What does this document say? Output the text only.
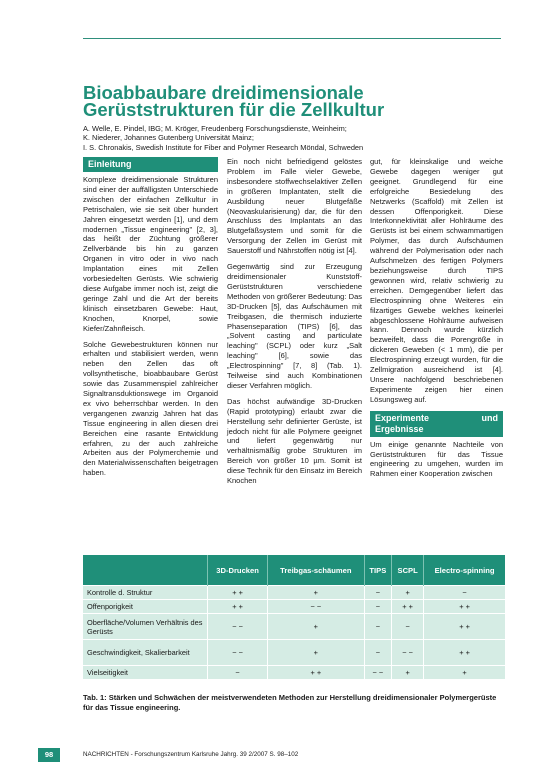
Bioabbaubare dreidimensionale Gerüststrukturen für die Zellkultur
A. Welle, E. Pindel, IBG; M. Kröger, Freudenberg Forschungsdienste, Weinheim;
K. Niederer, Johannes Gutenberg Universität Mainz;
I. S. Chronakis, Swedish Institute for Fiber and Polymer Research Möndal, Schweden
Einleitung

Komplexe dreidimensionale Strukturen sind einer der auffälligsten Unterschiede zwischen der einfachen Zellkultur in Petrischalen, wie sie seit über hundert Jahren eingesetzt werden [1], und dem modernen „Tissue engineering" [2, 3], das heißt der Züchtung größerer Zellverbände bis hin zu ganzen Organen in vitro oder in vivo nach Implantation eines mit Zellen vorbesiedelten Gerüsts. Wie schwierig diese Aufgabe immer noch ist, zeigt die geringe Zahl und die Art der bereits klinisch einsetzbaren Gewebe: Haut, Knochen, Knorpel, sowie Kiefer/Zahnfleisch.

Solche Gewebestrukturen können nur erhalten und stabilisiert werden, wenn neben den Zellen das oft vollsynthetische, bioabbaubare Gerüst sowie das Zusammenspiel zahlreicher Signaltransduktionswege im Organoid ex vivo beherrschbar werden. In den vergangenen zwanzig Jahren hat das Tissue engineering in allen diesen drei Bereichen eine rasante Entwicklung erfahren, zu der auch zahlreiche Arbeiten aus der Polymerchemie und den Materialwissenschaften beigetragen haben.

Ein noch nicht befriedigend gelöstes Problem im Falle vieler Gewebe, insbesondere stoffwechselaktiver Zellen in größeren Implantaten, stellt die Ausbildung neuer Blutgefäße (Neovaskularisierung) dar, die für den Anschluss des Implantats an das Blutgefäßsystem und somit für die Versorgung der Zellen im Gerüst mit Sauerstoff und Nährstoffen nötig ist [4].

Gegenwärtig sind zur Erzeugung dreidimensionaler Kunststoff-Gerüststrukturen verschiedene Methoden von größerer Bedeutung: Das 3D-Drucken [5], das Aufschäumen mit Treibgasen, die thermisch induzierte Phasenseparation (TIPS) [6], das „Solvent casting and particulate leaching" (SCPL) oder kurz „Salt leaching" [6], sowie das „Electrospinning" [7, 8] (Tab. 1). Teilweise sind auch Kombinationen dieser Verfahren möglich.

Das höchst aufwändige 3D-Drucken (Rapid prototyping) erlaubt zwar die Herstellung sehr definierter Gerüste, ist jedoch nicht für alle Polymere geeignet und liefert gegenwärtig nur verhältnismäßig grobe Strukturen im Bereich von größer 10 µm. Somit ist diese Technik für den Einsatz im Bereich Knochen

gut, für kleinskalige und weiche Gewebe dagegen weniger gut geeignet. Grundlegend für eine erfolgreiche Besiedelung des Netzwerks (Scaffold) mit Zellen ist dessen Offenporigkeit. Diese Interkonnektivität aller Hohlräume des Gerüsts ist bei einem schwammartigen Polymer, das durch Aufschäumen während der Polymerisation oder nach Aufschmelzen des fertigen Polymers beziehungsweise durch TIPS gewonnen wird, relativ schwierig zu erreichen. Demgegenüber liefert das Electrospinning ohne Weiteres ein filzartiges Gewebe welches keinerlei abgeschlossene Hohlräume aufweisen kann. Dennoch wurde kürzlich bezweifelt, dass die Porengröße in dickeren Geweben (< 1 mm), die per Electrospinning erzeugt wurden, für die Zellmigration ausreichend ist [4]. Unsere nachfolgend beschriebenen Experimente zeigen hier einen Lösungsweg auf.

Experimente und Ergebnisse

Um einige genannte Nachteile von Gerüststrukturen für das Tissue engineering zu umgehen, wurden im Rahmen einer Kooperation zwischen

	3D-Drucken	Treibgas-schäumen	TIPS	SCPL	Electro-spinning
Kontrolle d. Struktur	+ +	+	−	+	−
Offenporigkeit	+ +	− −	−	+ +	+ +
Oberfläche/Volumen Verhältnis des Gerüsts	− −	+	−	−	+ +
Geschwindigkeit, Skalierbarkeit	− −	+	−	− −	+ +
Vielseitigkeit	−	+ +	− −	+	+
Tab. 1: Stärken und Schwächen der meistverwendeten Methoden zur Herstellung dreidimensionaler Polymergerüste für das Tissue engineering.
98	NACHRICHTEN - Forschungszentrum Karlsruhe Jahrg. 39 2/2007 S. 98–102
